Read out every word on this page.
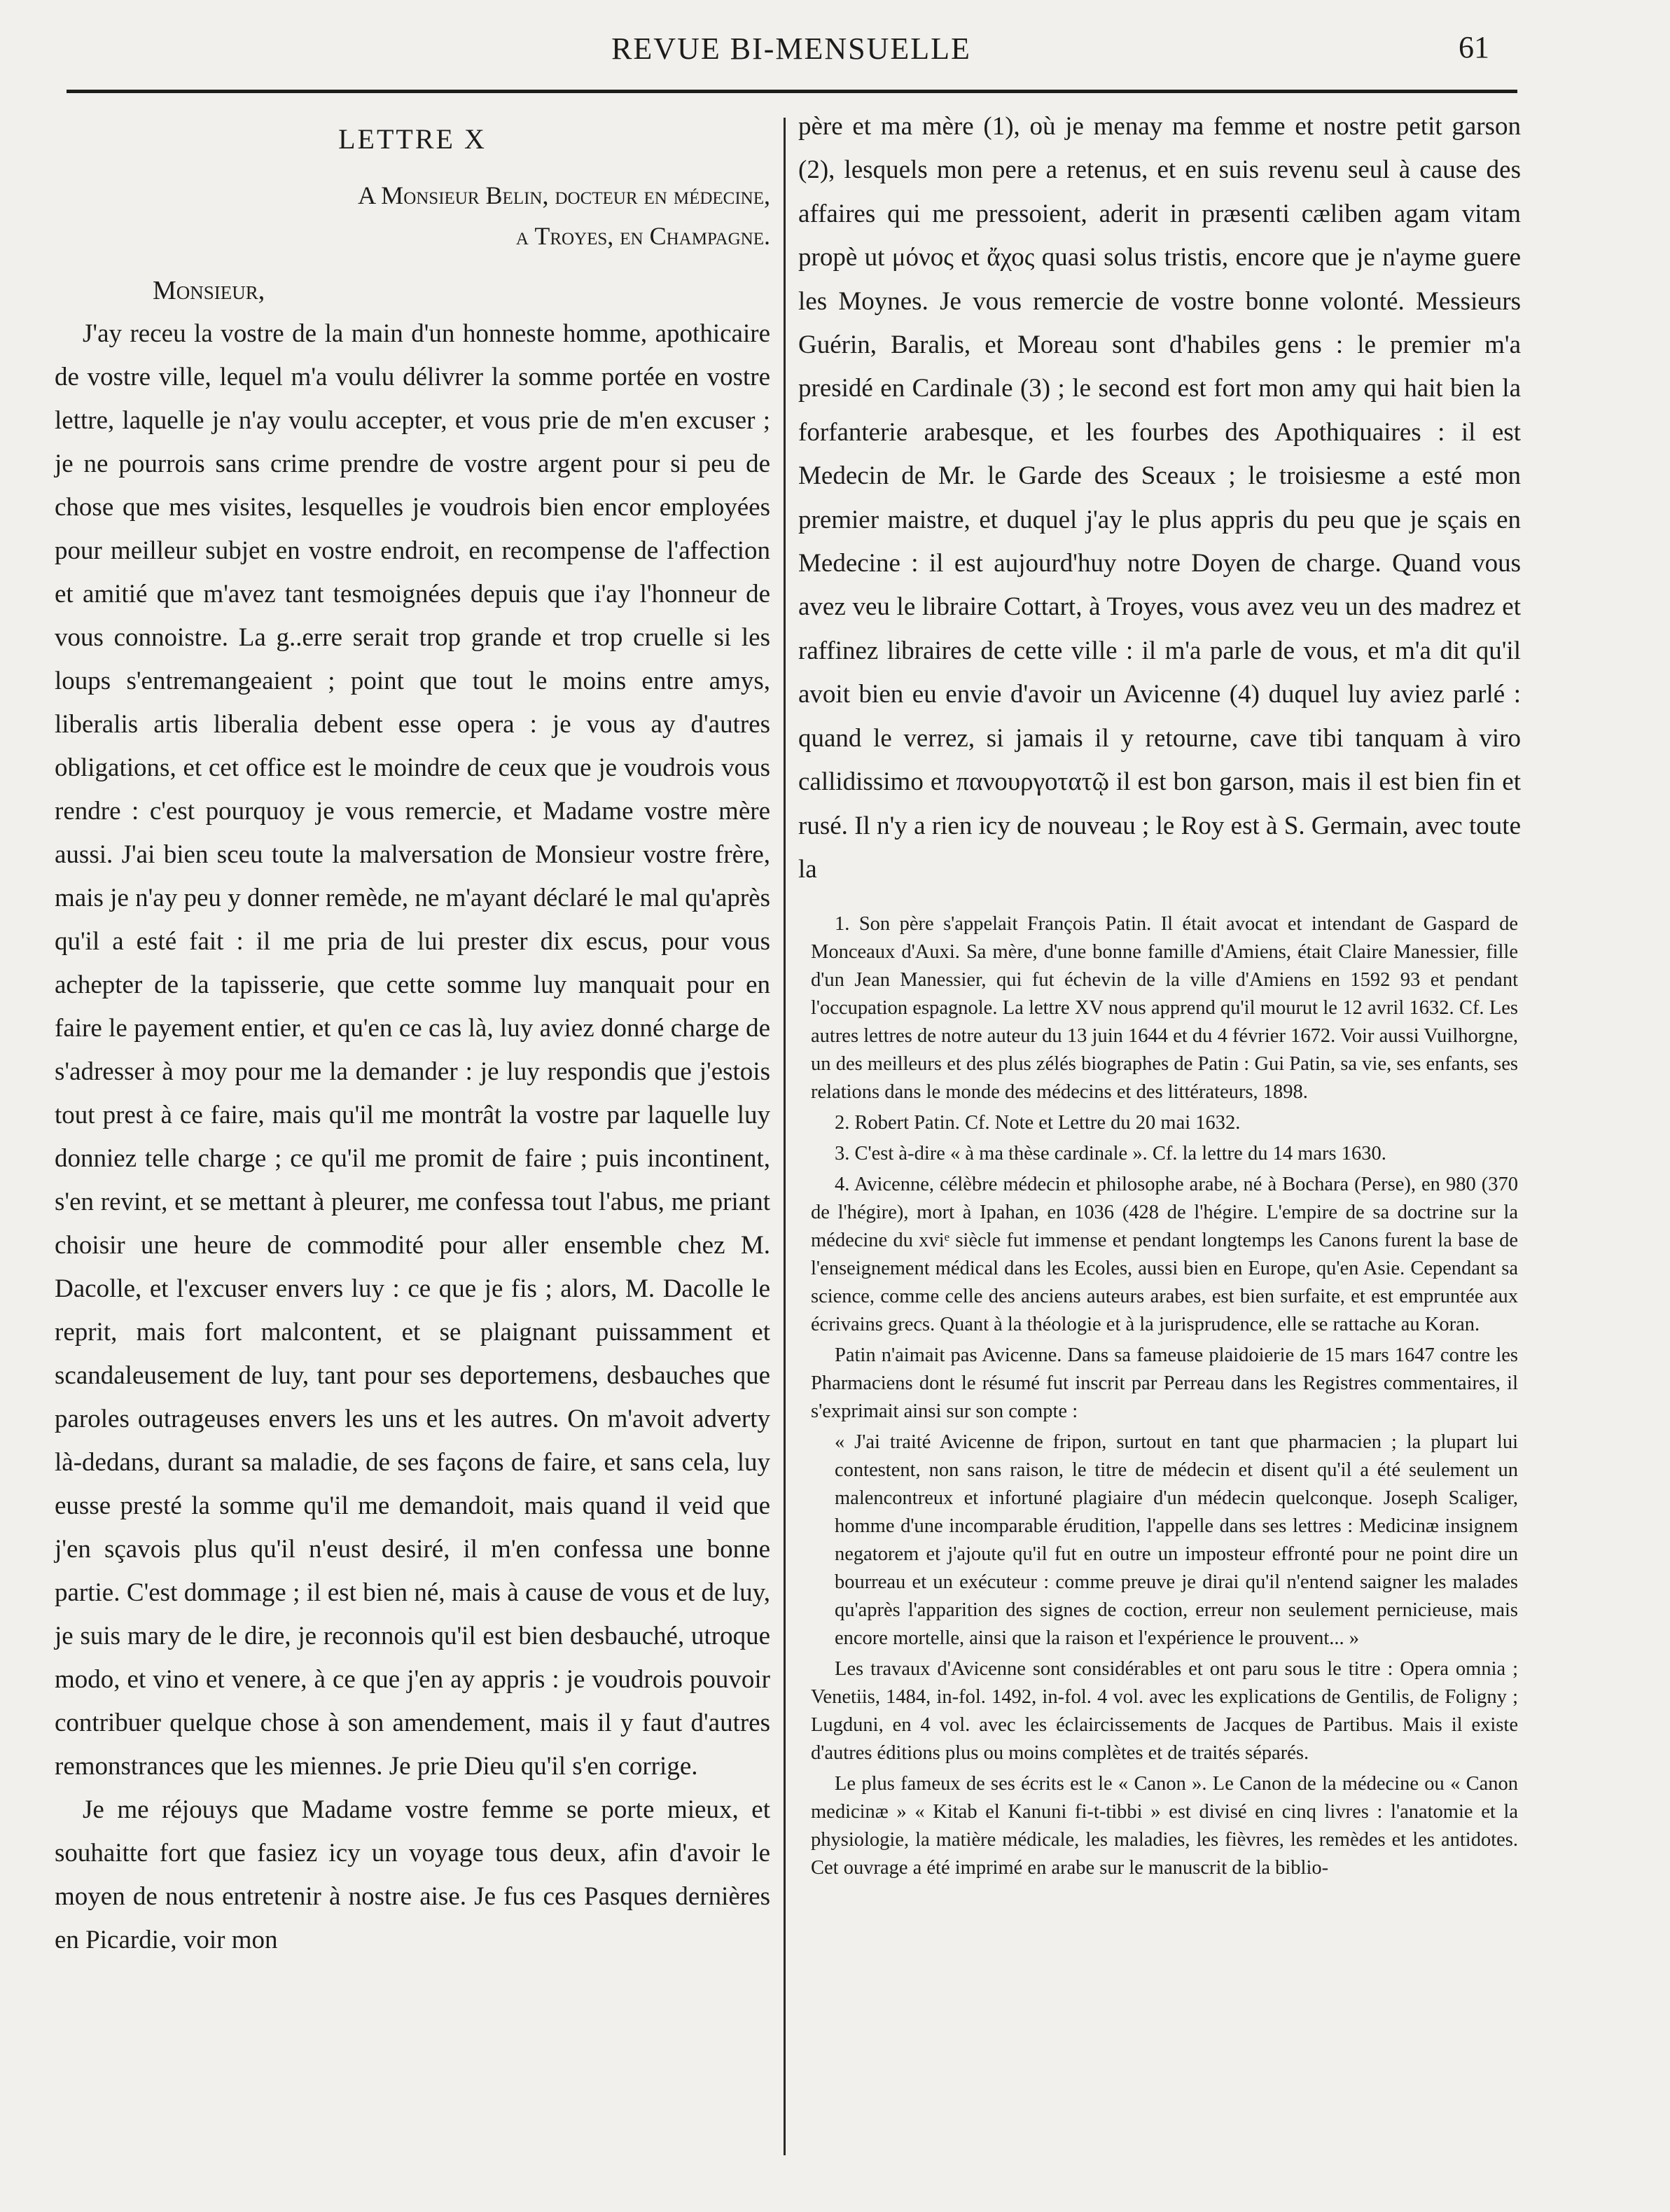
REVUE BI-MENSUELLE	61
LETTRE X
A Monsieur Belin, docteur en médecine,
a Troyes, en Champagne.

Monsieur,

J'ay receu la vostre de la main d'un honneste homme, apothicaire de vostre ville, lequel m'a voulu délivrer la somme portée en vostre lettre, laquelle je n'ay voulu accepter, et vous prie de m'en excuser ; je ne pourrois sans crime prendre de vostre argent pour si peu de chose que mes visites, lesquelles je voudrois bien encor employées pour meilleur subjet en vostre endroit, en recompense de l'affection et amitié que m'avez tant tesmoignées depuis que i'ay l'honneur de vous connoistre. La g..erre serait trop grande et trop cruelle si les loups s'entremangeaient ; point que tout le moins entre amys, liberalis artis liberalia debent esse opera : je vous ay d'autres obligations, et cet office est le moindre de ceux que je voudrois vous rendre : c'est pourquoy je vous remercie, et Madame vostre mère aussi. J'ai bien sceu toute la malversation de Monsieur vostre frère, mais je n'ay peu y donner remède, ne m'ayant déclaré le mal qu'après qu'il a esté fait : il me pria de lui prester dix escus, pour vous achepter de la tapisserie, que cette somme luy manquait pour en faire le payement entier, et qu'en ce cas là, luy aviez donné charge de s'adresser à moy pour me la demander : je luy respondis que j'estois tout prest à ce faire, mais qu'il me montrât la vostre par laquelle luy donniez telle charge ; ce qu'il me promit de faire ; puis incontinent, s'en revint, et se mettant à pleurer, me confessa tout l'abus, me priant choisir une heure de commodité pour aller ensemble chez M. Dacolle, et l'excuser envers luy : ce que je fis ; alors, M. Dacolle le reprit, mais fort malcontent, et se plaignant puissamment et scandaleusement de luy, tant pour ses deportemens, desbauches que paroles outrageuses envers les uns et les autres. On m'avoit adverty là-dedans, durant sa maladie, de ses façons de faire, et sans cela, luy eusse presté la somme qu'il me demandoit, mais quand il veid que j'en sçavois plus qu'il n'eust desiré, il m'en confessa une bonne partie. C'est dommage ; il est bien né, mais à cause de vous et de luy, je suis mary de le dire, je reconnois qu'il est bien desbauché, utroque modo, et vino et venere, à ce que j'en ay appris : je voudrois pouvoir contribuer quelque chose à son amendement, mais il y faut d'autres remonstrances que les miennes. Je prie Dieu qu'il s'en corrige.

Je me réjouys que Madame vostre femme se porte mieux, et souhaitte fort que fasiez icy un voyage tous deux, afin d'avoir le moyen de nous entretenir à nostre aise. Je fus ces Pasques dernières en Picardie, voir mon

père et ma mère (1), où je menay ma femme et nostre petit garson (2), lesquels mon pere a retenus, et en suis revenu seul à cause des affaires qui me pressoient, aderit in præsenti cæliben agam vitam propè ut μόνος et ἄχος quasi solus tristis, encore que je n'ayme guere les Moynes. Je vous remercie de vostre bonne volonté. Messieurs Guérin, Baralis, et Moreau sont d'habiles gens : le premier m'a presidé en Cardinale (3) ; le second est fort mon amy qui hait bien la forfanterie arabesque, et les fourbes des Apothiquaires : il est Medecin de Mr. le Garde des Sceaux ; le troisiesme a esté mon premier maistre, et duquel j'ay le plus appris du peu que je sçais en Medecine : il est aujourd'huy notre Doyen de charge. Quand vous avez veu le libraire Cottart, à Troyes, vous avez veu un des madrez et raffinez libraires de cette ville : il m'a parle de vous, et m'a dit qu'il avoit bien eu envie d'avoir un Avicenne (4) duquel luy aviez parlé : quand le verrez, si jamais il y retourne, cave tibi tanquam à viro callidissimo et πανουργοτατῷ il est bon garson, mais il est bien fin et rusé. Il n'y a rien icy de nouveau ; le Roy est à S. Germain, avec toute la

1. Son père s'appelait François Patin. Il était avocat et intendant de Gaspard de Monceaux d'Auxi. Sa mère, d'une bonne famille d'Amiens, était Claire Manessier, fille d'un Jean Manessier, qui fut échevin de la ville d'Amiens en 1592 93 et pendant l'occupation espagnole. La lettre XV nous apprend qu'il mourut le 12 avril 1632. Cf. Les autres lettres de notre auteur du 13 juin 1644 et du 4 février 1672. Voir aussi Vuilhorgne, un des meilleurs et des plus zélés biographes de Patin : Gui Patin, sa vie, ses enfants, ses relations dans le monde des médecins et des littérateurs, 1898.

2. Robert Patin. Cf. Note et Lettre du 20 mai 1632.

3. C'est à-dire « à ma thèse cardinale ». Cf. la lettre du 14 mars 1630.

4. Avicenne, célèbre médecin et philosophe arabe, né à Bochara (Perse), en 980 (370 de l'hégire), mort à Ipahan, en 1036 (428 de l'hégire. L'empire de sa doctrine sur la médecine du xviᵉ siècle fut immense et pendant longtemps les Canons furent la base de l'enseignement médical dans les Ecoles, aussi bien en Europe, qu'en Asie. Cependant sa science, comme celle des anciens auteurs arabes, est bien surfaite, et est empruntée aux écrivains grecs. Quant à la théologie et à la jurisprudence, elle se rattache au Koran.

Patin n'aimait pas Avicenne. Dans sa fameuse plaidoierie de 15 mars 1647 contre les Pharmaciens dont le résumé fut inscrit par Perreau dans les Registres commentaires, il s'exprimait ainsi sur son compte :

« J'ai traité Avicenne de fripon, surtout en tant que pharmacien ; la plupart lui contestent, non sans raison, le titre de médecin et disent qu'il a été seulement un malencontreux et infortuné plagiaire d'un médecin quelconque. Joseph Scaliger, homme d'une incomparable érudition, l'appelle dans ses lettres : Medicinæ insignem negatorem et j'ajoute qu'il fut en outre un imposteur effronté pour ne point dire un bourreau et un exécuteur : comme preuve je dirai qu'il n'entend saigner les malades qu'après l'apparition des signes de coction, erreur non seulement pernicieuse, mais encore mortelle, ainsi que la raison et l'expérience le prouvent... »

Les travaux d'Avicenne sont considérables et ont paru sous le titre : Opera omnia ; Venetiis, 1484, in-fol. 1492, in-fol. 4 vol. avec les explications de Gentilis, de Foligny ; Lugduni, en 4 vol. avec les éclaircissements de Jacques de Partibus. Mais il existe d'autres éditions plus ou moins complètes et de traités séparés.

Le plus fameux de ses écrits est le « Canon ». Le Canon de la médecine ou « Canon medicinæ » « Kitab el Kanuni fi-t-tibbi » est divisé en cinq livres : l'anatomie et la physiologie, la matière médicale, les maladies, les fièvres, les remèdes et les antidotes. Cet ouvrage a été imprimé en arabe sur le manuscrit de la biblio-
